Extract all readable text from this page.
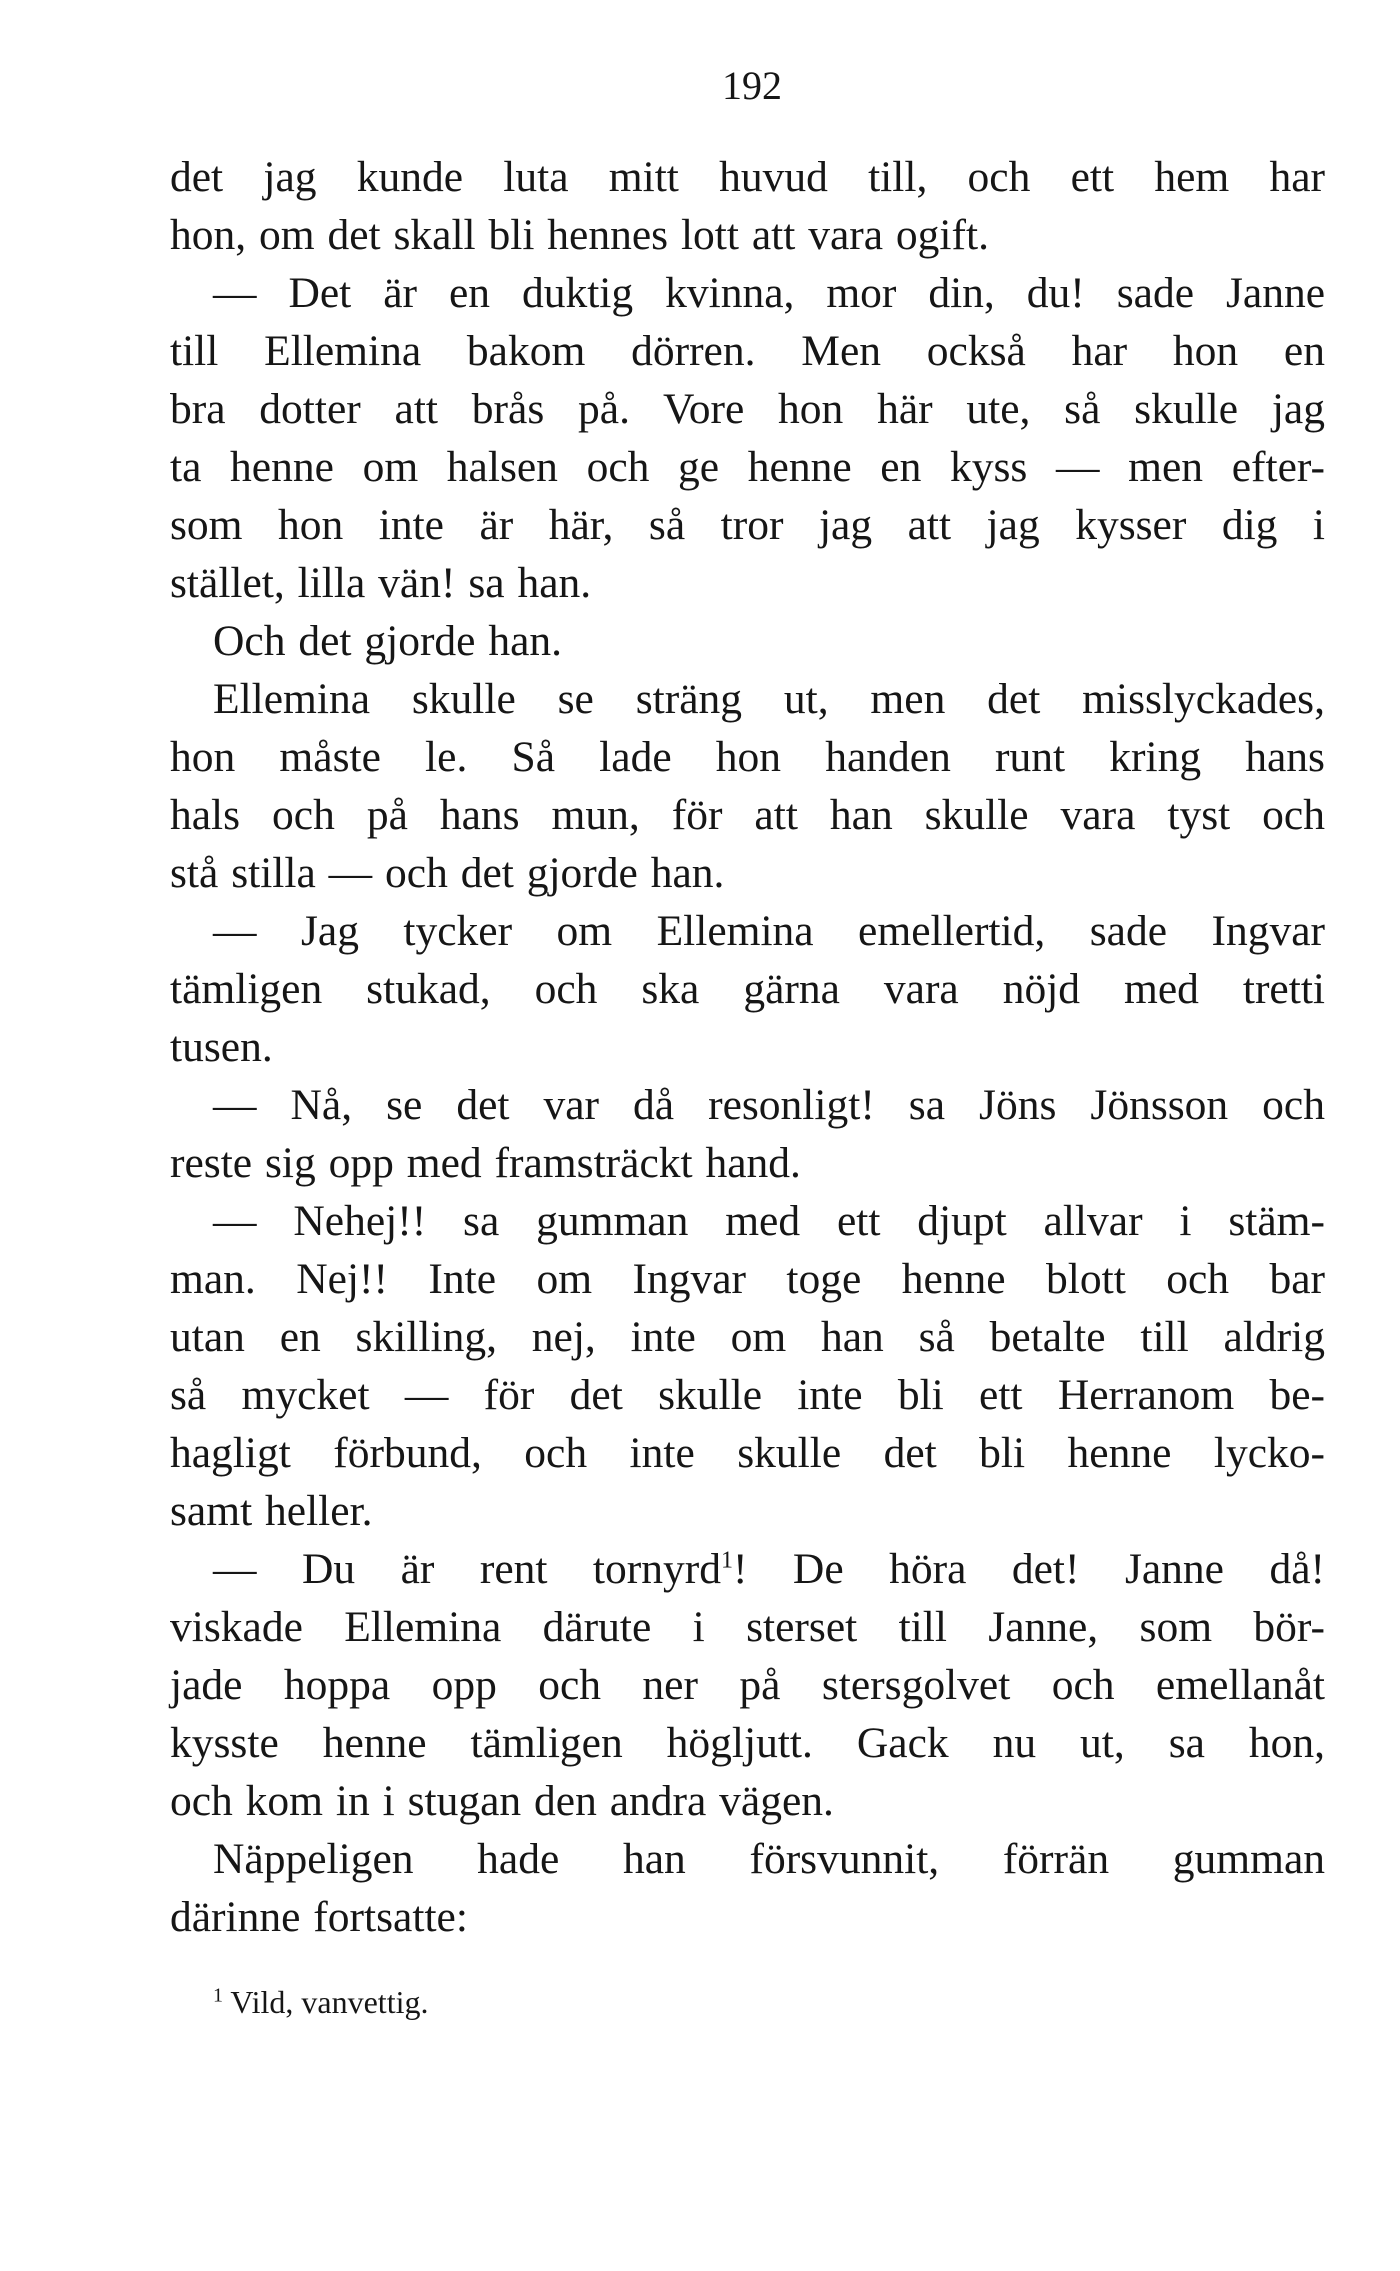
192
det jag kunde luta mitt huvud till, och ett hem har
hon, om det skall bli hennes lott att vara ogift.
— Det är en duktig kvinna, mor din, du! sade Janne
till Ellemina bakom dörren. Men också har hon en
bra dotter att brås på. Vore hon här ute, så skulle jag
ta henne om halsen och ge henne en kyss — men efter-
som hon inte är här, så tror jag att jag kysser dig i
stället, lilla vän! sa han.
Och det gjorde han.
Ellemina skulle se sträng ut, men det misslyckades,
hon måste le. Så lade hon handen runt kring hans
hals och på hans mun, för att han skulle vara tyst och
stå stilla — och det gjorde han.
— Jag tycker om Ellemina emellertid, sade Ingvar
tämligen stukad, och ska gärna vara nöjd med tretti
tusen.
— Nå, se det var då resonligt! sa Jöns Jönsson och
reste sig opp med framsträckt hand.
— Nehej!! sa gumman med ett djupt allvar i stäm-
man. Nej!! Inte om Ingvar toge henne blott och bar
utan en skilling, nej, inte om han så betalte till aldrig
så mycket — för det skulle inte bli ett Herranom be-
hagligt förbund, och inte skulle det bli henne lycko-
samt heller.
— Du är rent tornyrd$^1$! De höra det! Janne då!
viskade Ellemina därute i sterset till Janne, som bör-
jade hoppa opp och ner på stersgolvet och emellanåt
kysste henne tämligen högljutt. Gack nu ut, sa hon,
och kom in i stugan den andra vägen.
Näppeligen hade han försvunnit, förrän gumman
därinne fortsatte:
$^1$ Vild, vanvettig.
